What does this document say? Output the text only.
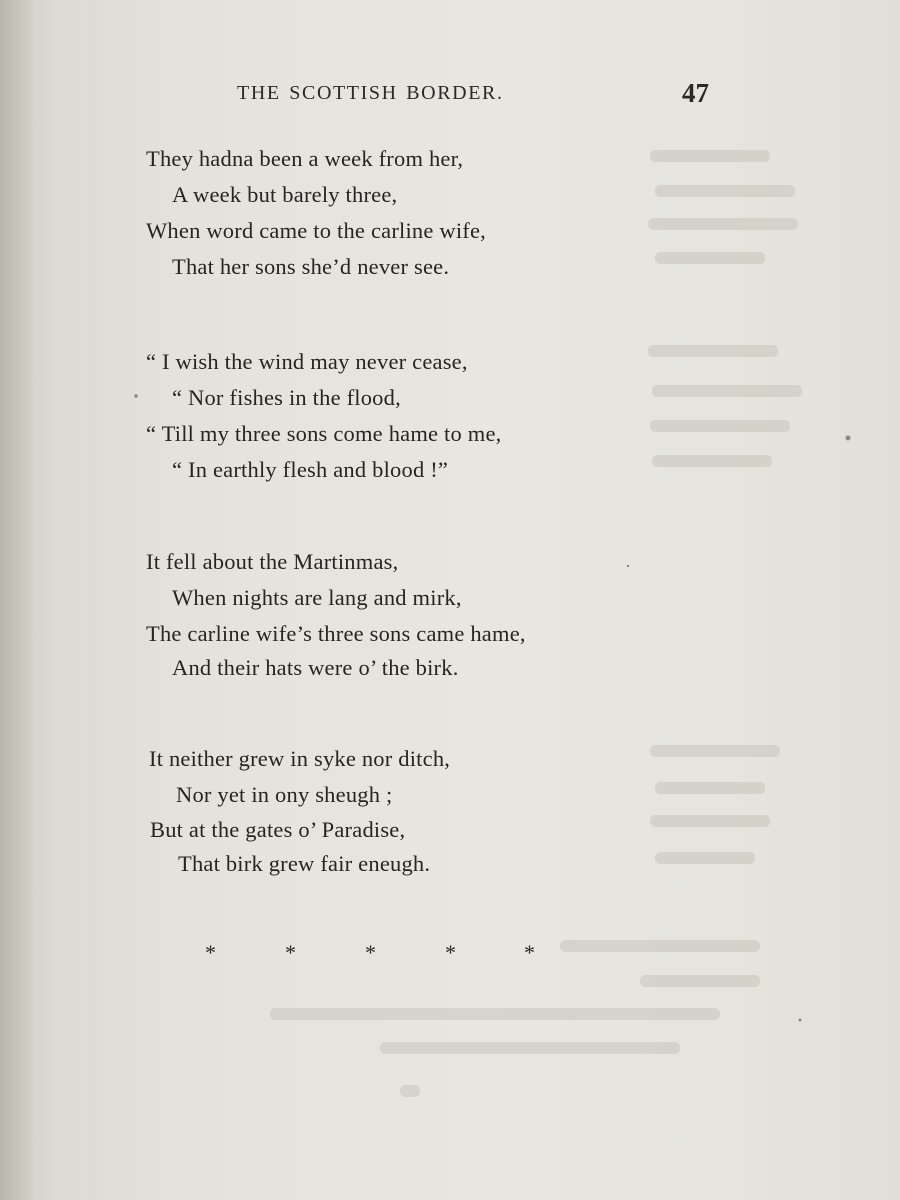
THE SCOTTISH BORDER.	47
They hadna been a week from her,
A week but barely three,
When word came to the carline wife,
That her sons she’d never see.
“ I wish the wind may never cease,
“ Nor fishes in the flood,
“ Till my three sons come hame to me,
“ In earthly flesh and blood !”
It fell about the Martinmas,
When nights are lang and mirk,
The carline wife’s three sons came hame,
And their hats were o’ the birk.
It neither grew in syke nor ditch,
Nor yet in ony sheugh ;
But at the gates o’ Paradise,
That birk grew fair eneugh.
*	*	*	*	*
